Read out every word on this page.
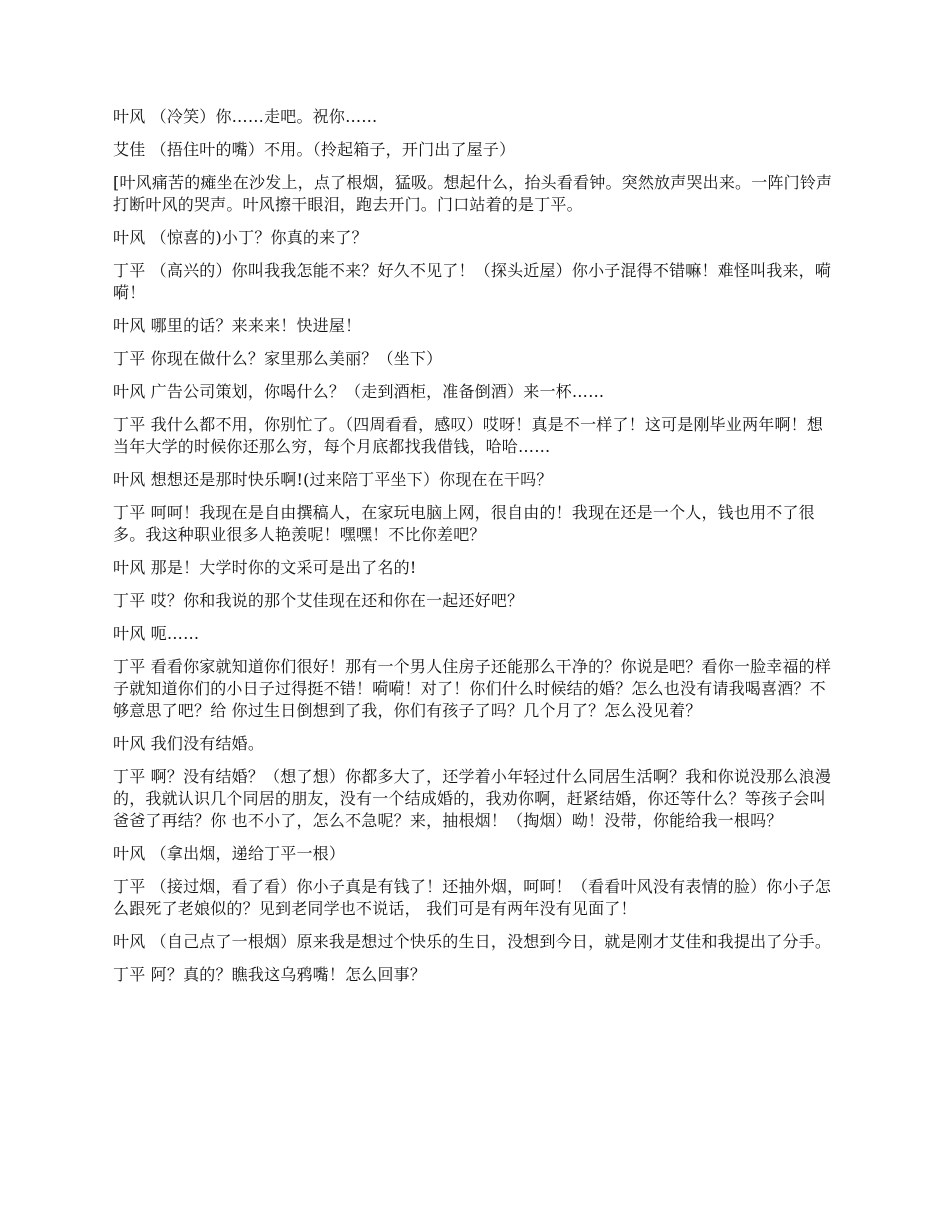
叶风 （冷笑）你……走吧。祝你……

艾佳 （捂住叶的嘴）不用。（拎起箱子，开门出了屋子）

[叶风痛苦的瘫坐在沙发上，点了根烟，猛吸。想起什么，抬头看看钟。突然放声哭出来。一阵门铃声打断叶风的哭声。叶风擦干眼泪，跑去开门。门口站着的是丁平。

叶风 （惊喜的)小丁？你真的来了？

丁平 （高兴的）你叫我我怎能不来？好久不见了！（探头近屋）你小子混得不错嘛！难怪叫我来，嗬嗬！

叶风 哪里的话？来来来！快进屋！

丁平 你现在做什么？家里那么美丽？（坐下）

叶风 广告公司策划，你喝什么？（走到酒柜，准备倒酒）来一杯……

丁平 我什么都不用，你别忙了。（四周看看，感叹）哎呀！真是不一样了！这可是刚毕业两年啊！想当年大学的时候你还那么穷，每个月底都找我借钱，哈哈……

叶风 想想还是那时快乐啊!(过来陪丁平坐下）你现在在干吗？

丁平 呵呵！我现在是自由撰稿人，在家玩电脑上网，很自由的！我现在还是一个人，钱也用不了很多。我这种职业很多人艳羡呢！嘿嘿！不比你差吧？

叶风 那是！大学时你的文采可是出了名的!

丁平 哎？你和我说的那个艾佳现在还和你在一起还好吧？

叶风 呃……

丁平 看看你家就知道你们很好！那有一个男人住房子还能那么干净的？你说是吧？看你一脸幸福的样子就知道你们的小日子过得挺不错！嗬嗬！对了！你们什么时候结的婚？怎么也没有请我喝喜酒？不够意思了吧？给 你过生日倒想到了我，你们有孩子了吗？几个月了？怎么没见着？

叶风 我们没有结婚。

丁平 啊？没有结婚？（想了想）你都多大了，还学着小年轻过什么同居生活啊？我和你说没那么浪漫的，我就认识几个同居的朋友，没有一个结成婚的，我劝你啊，赶紧结婚，你还等什么？等孩子会叫爸爸了再结？你 也不小了，怎么不急呢？来，抽根烟！（掏烟）呦！没带，你能给我一根吗？

叶风 （拿出烟，递给丁平一根）

丁平 （接过烟，看了看）你小子真是有钱了！还抽外烟，呵呵！（看看叶风没有表情的脸）你小子怎么跟死了老娘似的？见到老同学也不说话， 我们可是有两年没有见面了！

叶风 （自己点了一根烟）原来我是想过个快乐的生日，没想到今日，就是刚才艾佳和我提出了分手。

丁平 阿？真的？瞧我这乌鸦嘴！怎么回事？
